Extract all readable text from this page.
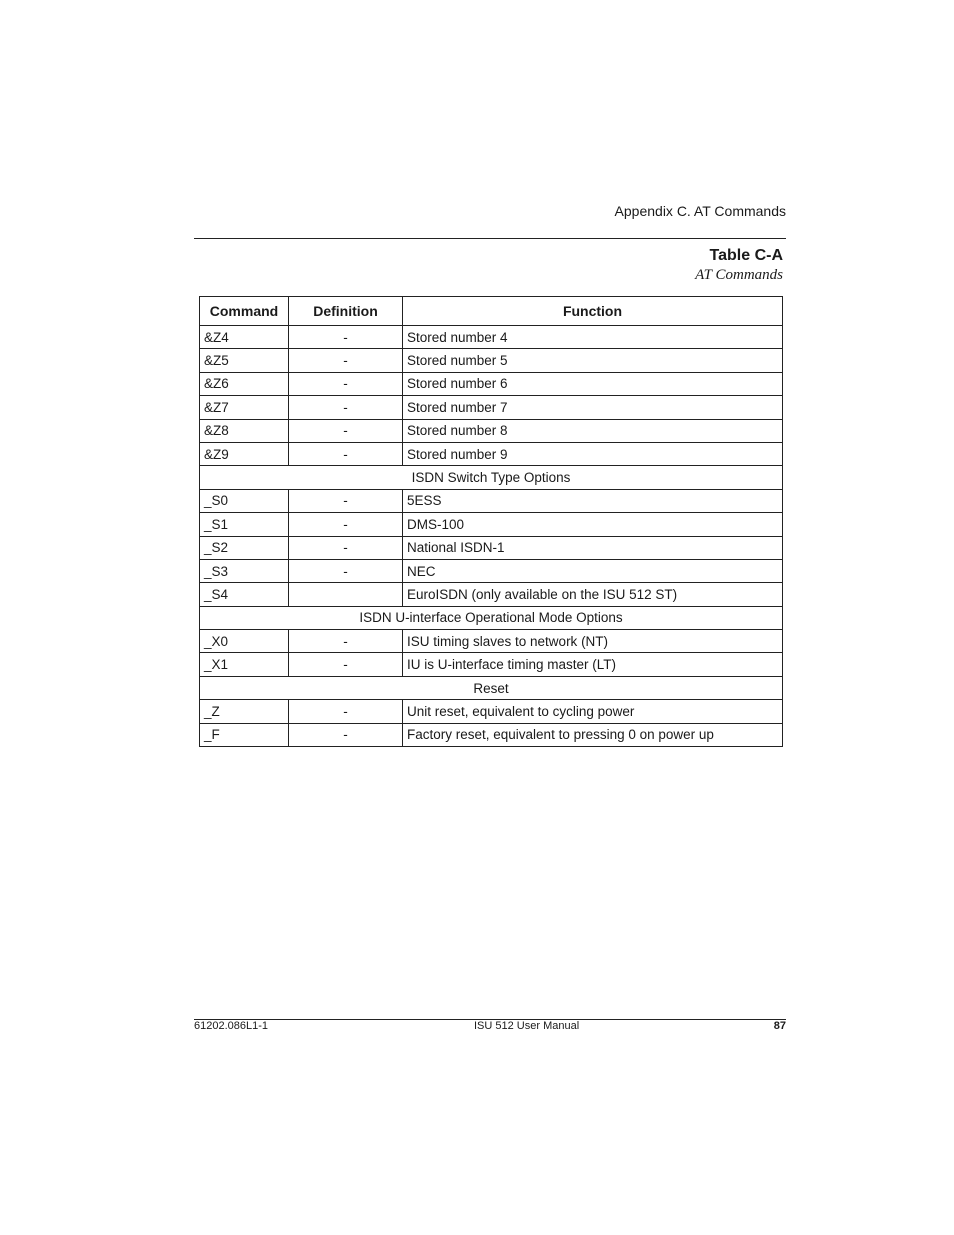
Appendix C. AT Commands
Table C-A
AT Commands
Command	Definition	Function
&Z4	-	Stored number 4
&Z5	-	Stored number 5
&Z6	-	Stored number 6
&Z7	-	Stored number 7
&Z8	-	Stored number 8
&Z9	-	Stored number 9
ISDN Switch Type Options		
_S0	-	5ESS
_S1	-	DMS-100
_S2	-	National ISDN-1
_S3	-	NEC
_S4		EuroISDN (only available on the ISU 512 ST)
ISDN U-interface Operational Mode Options		
_X0	-	ISU timing slaves to network (NT)
_X1	-	IU is U-interface timing master (LT)
Reset		
_Z	-	Unit reset, equivalent to cycling power
_F	-	Factory reset, equivalent to pressing 0 on power up
61202.086L1-1	ISU 512 User Manual	87
